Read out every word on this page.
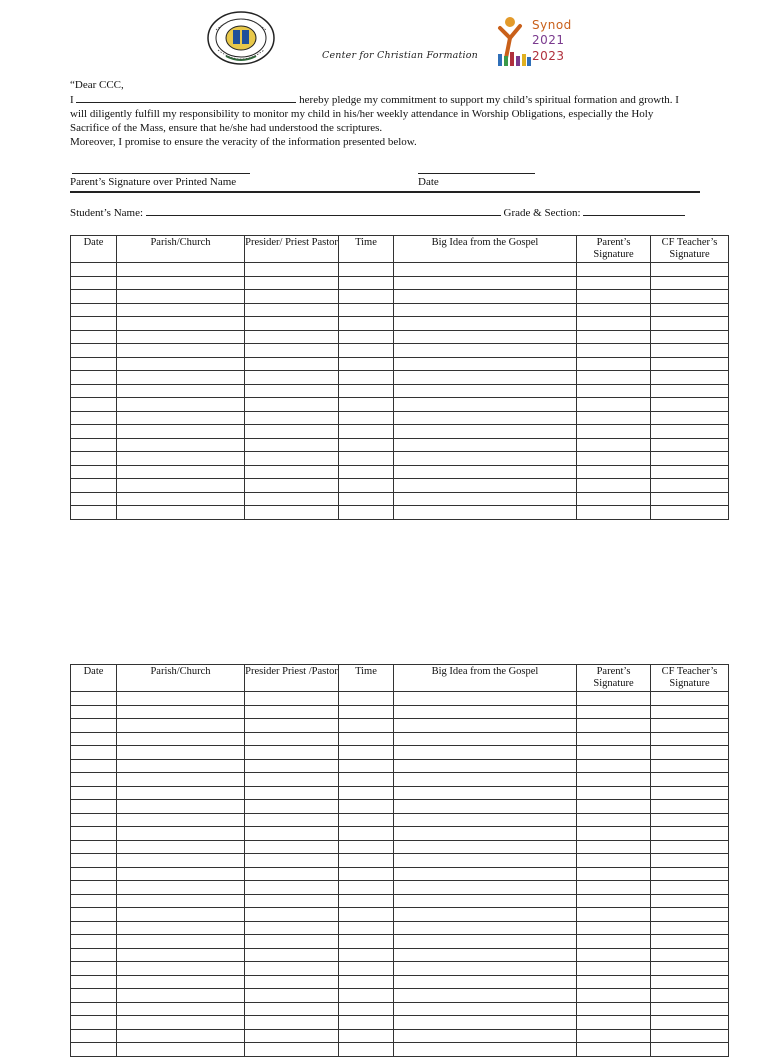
Center for Christian Formation
Synod
2021
2023

“Dear CCC,

I	hereby pledge my commitment to support my child’s spiritual formation and growth. I

will diligently fulfill my responsibility to monitor my child in his/her weekly attendance in Worship Obligations, especially the Holy

Sacrifice of the Mass, ensure that he/she had understood the scriptures.

Moreover, I promise to ensure the veracity of the information presented below.

Parent’s Signature over Printed Name	Date
Student’s Name:	Grade & Section:
Date	Parish/Church	Presider/ Priest Pastor	Time	Big Idea from the Gospel	Parent’s Signature	CF Teacher’s Signature

Date	Parish/Church	Presider Priest /Pastor	Time	Big Idea from the Gospel	Parent’s Signature	CF Teacher’s Signature
